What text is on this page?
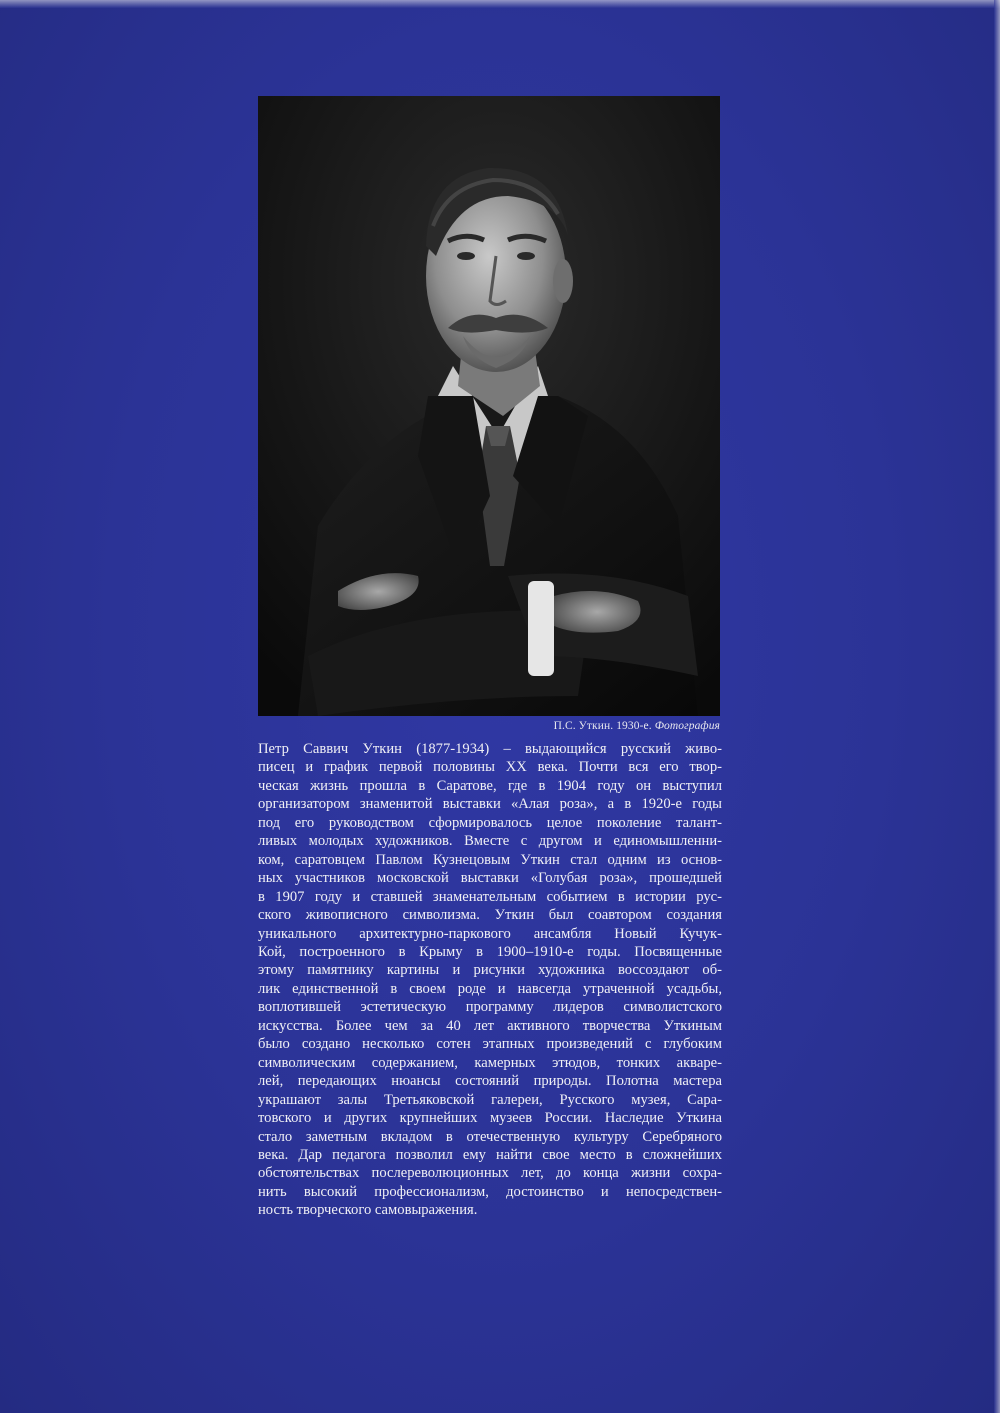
П.С. Уткин. 1930-е. Фотография
Петр Саввич Уткин (1877-1934) – выдающийся русский живо-
писец и график первой половины XX века. Почти вся его твор-
ческая жизнь прошла в Саратове, где в 1904 году он выступил
организатором знаменитой выставки «Алая роза», а в 1920-е годы
под его руководством сформировалось целое поколение талант-
ливых молодых художников. Вместе с другом и единомышленни-
ком, саратовцем Павлом Кузнецовым Уткин стал одним из основ-
ных участников московской выставки «Голубая роза», прошедшей
в 1907 году и ставшей знаменательным событием в истории рус-
ского живописного символизма. Уткин был соавтором создания
уникального архитектурно-паркового ансамбля Новый Кучук-
Кой, построенного в Крыму в 1900–1910-е годы. Посвященные
этому памятнику картины и рисунки художника воссоздают об-
лик единственной в своем роде и навсегда утраченной усадьбы,
воплотившей эстетическую программу лидеров символистского
искусства. Более чем за 40 лет активного творчества Уткиным
было создано несколько сотен этапных произведений с глубоким
символическим содержанием, камерных этюдов, тонких акваре-
лей, передающих нюансы состояний природы. Полотна мастера
украшают залы Третьяковской галереи, Русского музея, Сара-
товского и других крупнейших музеев России. Наследие Уткина
стало заметным вкладом в отечественную культуру Серебряного
века. Дар педагога позволил ему найти свое место в сложнейших
обстоятельствах послереволюционных лет, до конца жизни сохра-
нить высокий профессионализм, достоинство и непосредствен-
ность творческого самовыражения.
